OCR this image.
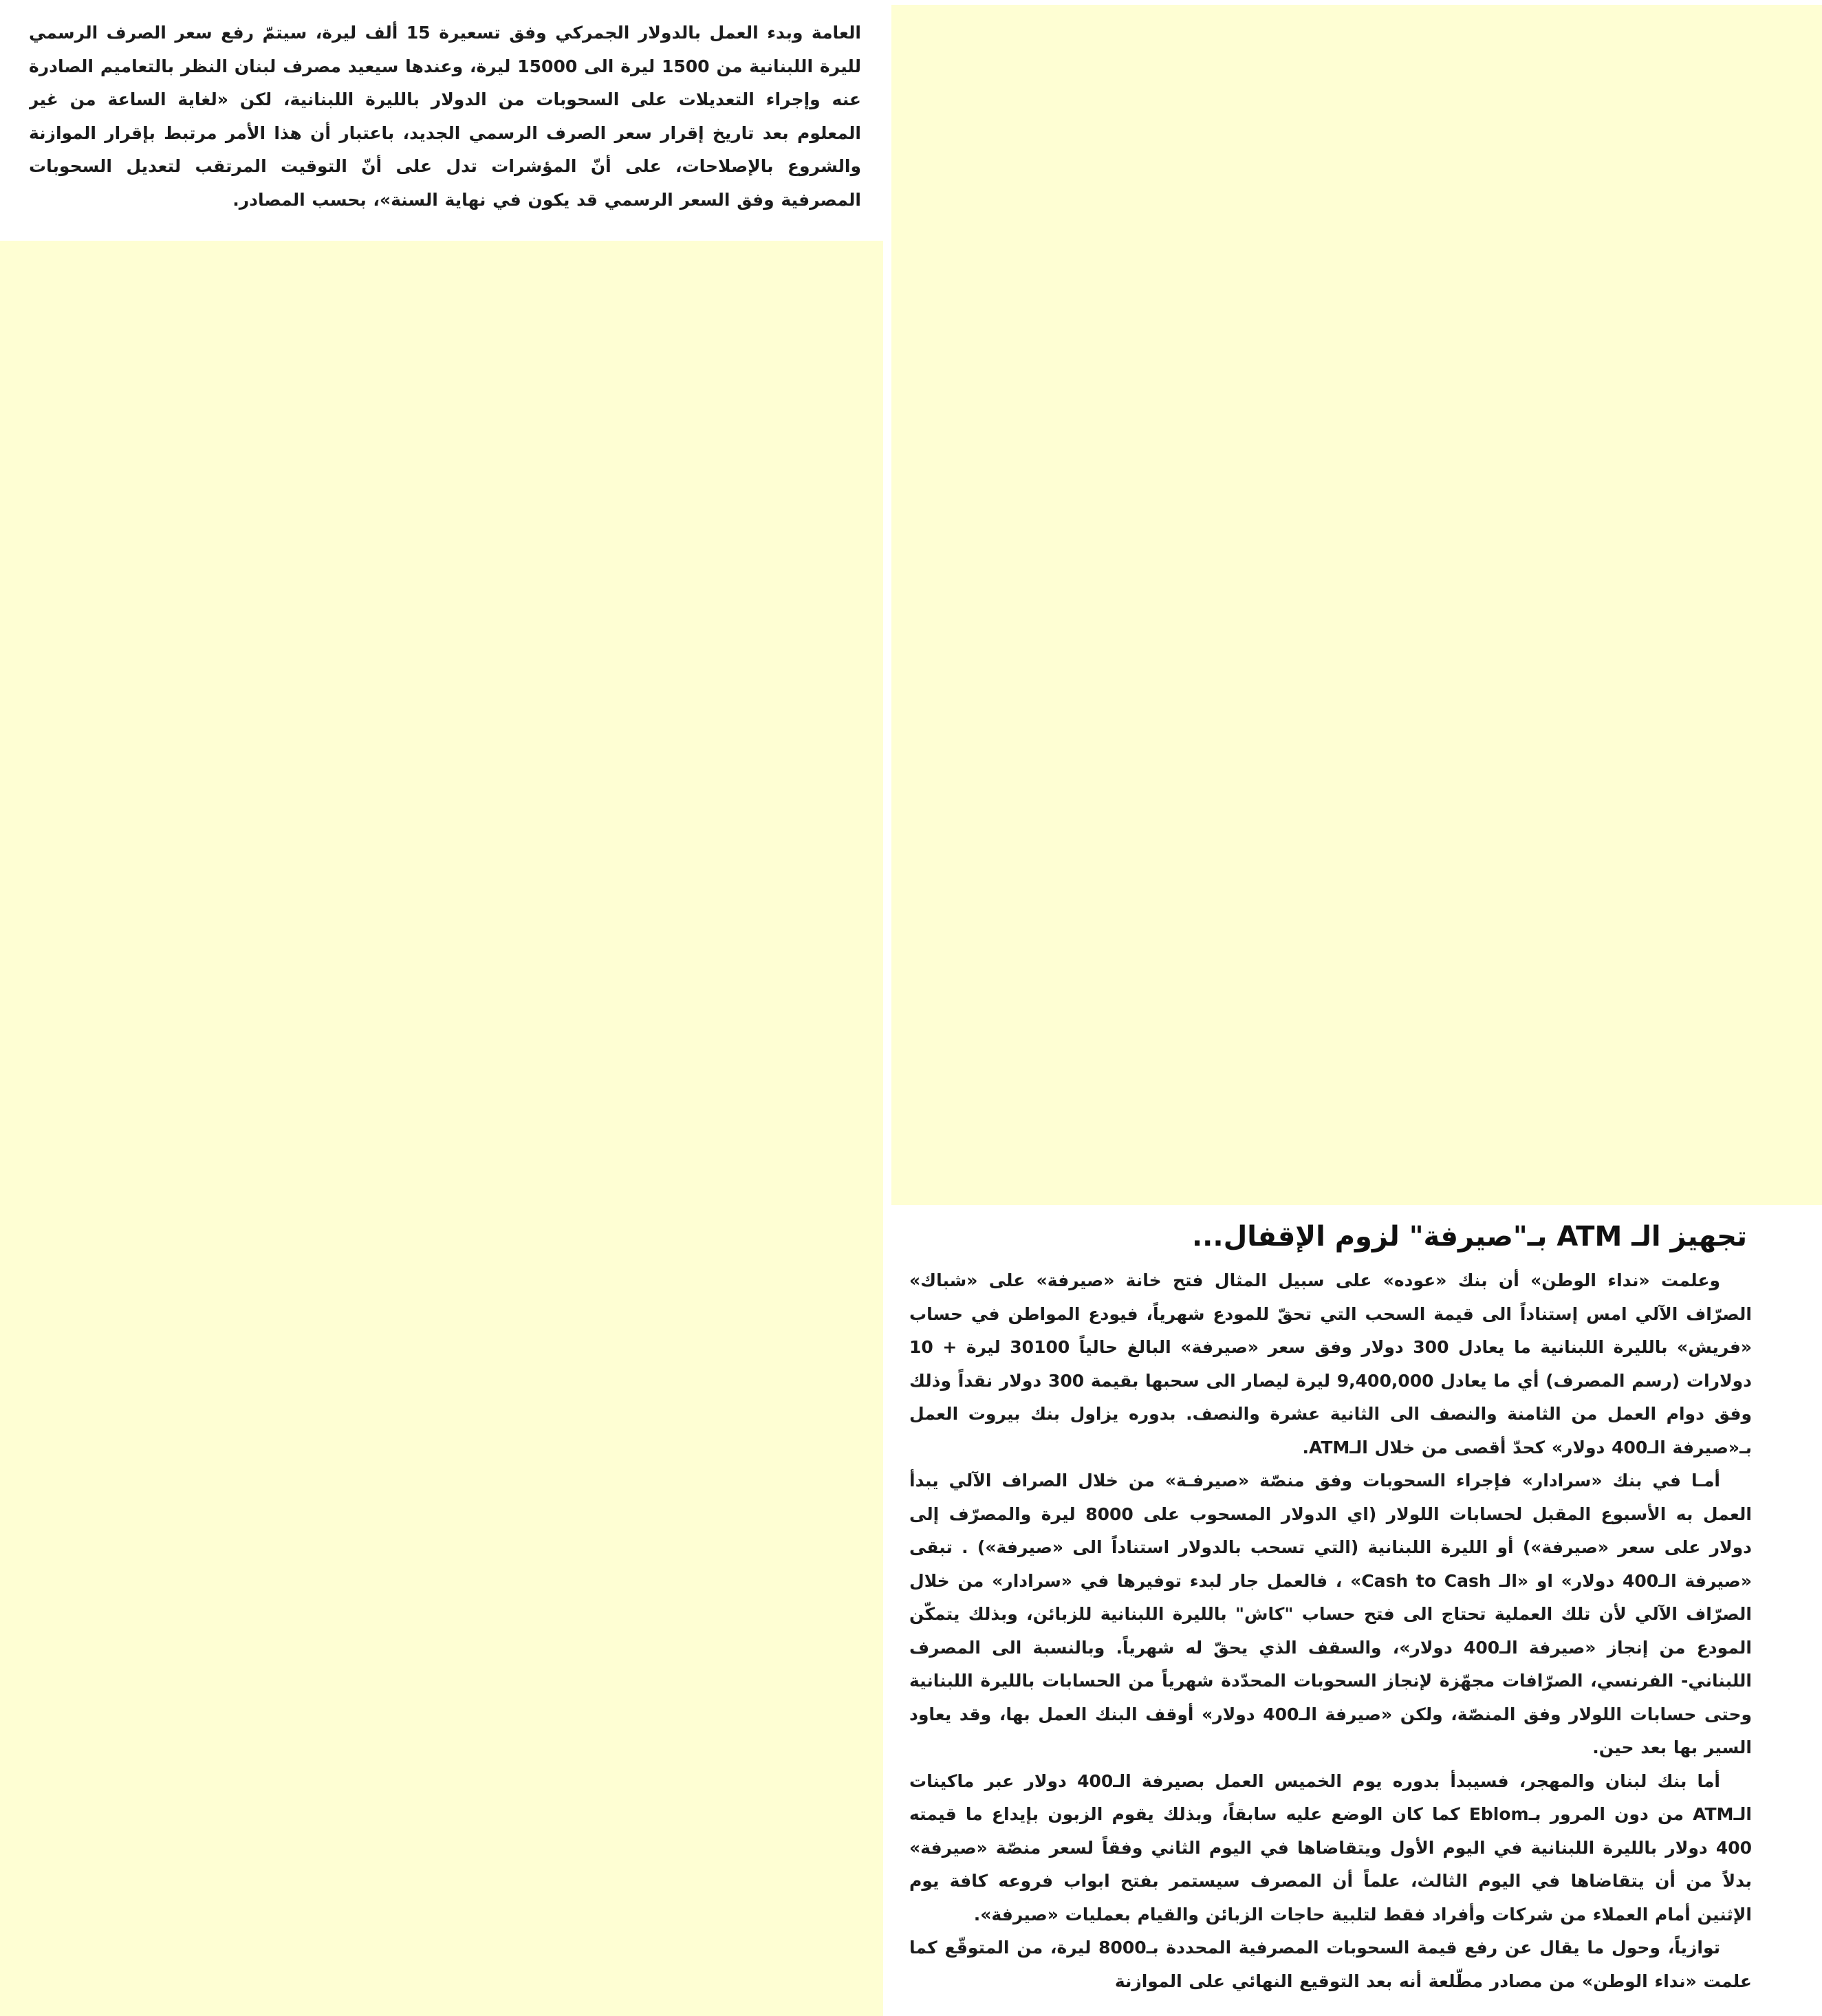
العامة وبدء العمل بالدولار الجمركي وفق تسعيرة 15 ألف ليرة، سيتمّ رفع سعر الصرف الرسمي لليرة اللبنانية من 1500 ليرة الى 15000 ليرة، وعندها سيعيد مصرف لبنان النظر بالتعاميم الصادرة عنه وإجراء التعديلات على السحوبات من الدولار بالليرة اللبنانية، لكن «لغاية الساعة من غير المعلوم بعد تاريخ إقرار سعر الصرف الرسمي الجديد، باعتبار أن هذا الأمر مرتبط بإقرار الموازنة والشروع بالإصلاحات، على أنّ المؤشرات تدل على أنّ التوقيت المرتقب لتعديل السحوبات المصرفية وفق السعر الرسمي قد يكون في نهاية السنة»، بحسب المصادر.

تجهيز الـ ATM بـ"صيرفة" لزوم الإقفال...

وعلمت «نداء الوطن» أن بنك «عوده» على سبيل المثال فتح خانة «صيرفة» على «شباك» الصرّاف الآلي امس إستناداً الى قيمة السحب التي تحقّ للمودع شهرياً، فيودع المواطن في حساب «فريش» بالليرة اللبنانية ما يعادل 300 دولار وفق سعر «صيرفة» البالغ حالياً 30100 ليرة + 10 دولارات (رسم المصرف) أي ما يعادل 9,400,000 ليرة ليصار الى سحبها بقيمة 300 دولار نقداً وذلك وفق دوام العمل من الثامنة والنصف الى الثانية عشرة والنصف. بدوره يزاول بنك بيروت العمل بـ«صيرفة الـ400 دولار» كحدّ أقصى من خلال الـATM.

أمـا في بنك «سرادار» فإجراء السحوبات وفق منصّة «صيرفـة» من خلال الصراف الآلي يبدأ العمل به الأسبوع المقبل لحسابات اللولار (اي الدولار المسحوب على 8000 ليرة والمصرّف إلى دولار على سعر «صيرفة») أو الليرة اللبنانية (التي تسحب بالدولار استناداً الى «صيرفة») . تبقى «صيرفة الـ400 دولار» او «الـ Cash to Cash» ، فالعمل جار لبدء توفيرها في «سرادار» من خلال الصرّاف الآلي لأن تلك العملية تحتاج الى فتح حساب "كاش" بالليرة اللبنانية للزبائن، وبذلك يتمكّن المودع من إنجاز «صيرفة الـ400 دولار»، والسقف الذي يحقّ له شهرياً. وبالنسبة الى المصرف اللبناني- الفرنسي، الصرّافات مجهّزة لإنجاز السحوبات المحدّدة شهرياً من الحسابات بالليرة اللبنانية وحتى حسابات اللولار وفق المنصّة، ولكن «صيرفة الـ400 دولار» أوقف البنك العمل بها، وقد يعاود السير بها بعد حين.

أما بنك لبنان والمهجر، فسيبدأ بدوره يوم الخميس العمل بصيرفة الـ400 دولار عبر ماكينات الـATM من دون المرور بـEblom كما كان الوضع عليه سابقاً، وبذلك يقوم الزبون بإيداع ما قيمته 400 دولار بالليرة اللبنانية في اليوم الأول ويتقاضاها في اليوم الثاني وفقاً لسعر منصّة «صيرفة» بدلاً من أن يتقاضاها في اليوم الثالث، علماً أن المصرف سيستمر بفتح ابواب فروعه كافة يوم الإثنين أمام العملاء من شركات وأفراد فقط لتلبية حاجات الزبائن والقيام بعمليات «صيرفة».

توازياً، وحول ما يقال عن رفع قيمة السحوبات المصرفية المحددة بـ8000 ليرة، من المتوقّع كما علمت «نداء الوطن» من مصادر مطّلعة أنه بعد التوقيع النهائي على الموازنة
